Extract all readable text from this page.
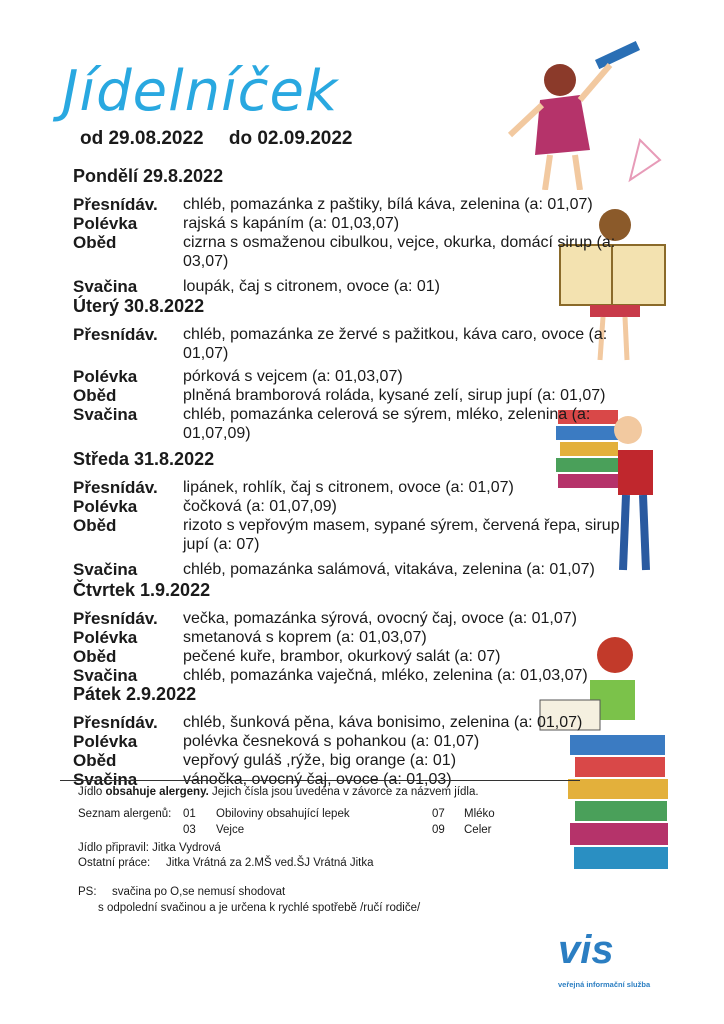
Jídelníček
od 29.08.2022 do 02.09.2022
Pondělí 29.8.2022
Přesnídáv.	chléb, pomazánka z paštiky, bílá káva, zelenina (a: 01,07)
Polévka	rajská s kapáním (a: 01,03,07)
Oběd	cizrna s osmaženou cibulkou, vejce, okurka, domácí sirup (a: 03,07)
Svačina	loupák, čaj s citronem, ovoce (a: 01)
Úterý 30.8.2022
Přesnídáv.	chléb, pomazánka ze žervé s pažitkou, káva caro, ovoce (a: 01,07)
Polévka	pórková s vejcem (a: 01,03,07)
Oběd	plněná bramborová roláda, kysané zelí, sirup jupí (a: 01,07)
Svačina	chléb, pomazánka celerová se sýrem, mléko, zelenina (a: 01,07,09)
Středa 31.8.2022
Přesnídáv.	lipánek, rohlík, čaj s citronem, ovoce (a: 01,07)
Polévka	čočková (a: 01,07,09)
Oběd	rizoto s vepřovým masem, sypané sýrem, červená řepa, sirup jupí (a: 07)
Svačina	chléb, pomazánka salámová, vitakáva, zelenina (a: 01,07)
Čtvrtek 1.9.2022
Přesnídáv.	večka, pomazánka sýrová, ovocný čaj, ovoce (a: 01,07)
Polévka	smetanová s koprem (a: 01,03,07)
Oběd	pečené kuře, brambor, okurkový salát (a: 07)
Svačina	chléb, pomazánka vaječná, mléko, zelenina (a: 01,03,07)
Pátek 2.9.2022
Přesnídáv.	chléb, šunková pěna, káva bonisimo, zelenina (a: 01,07)
Polévka	polévka česneková s pohankou (a: 01,07)
Oběd	vepřový guláš ,rýže, big orange (a: 01)
Svačina	vánočka, ovocný čaj, ovoce (a: 01,03)
Jídlo obsahuje alergeny. Jejich čísla jsou uvedena v závorce za názvem jídla.
Seznam alergenů: 01 Obiloviny obsahující lepek
03 Vejce
07 Mléko
09 Celer
Jídlo připravil: Jitka Vydrová
Ostatní práce: Jitka Vrátná za 2.MŠ ved.ŠJ Vrátná Jitka
PS: svačina po O,se nemusí shodovat
s odpolední svačinou a je určena k rychlé spotřebě /ručí rodiče/
vis
veřejná informační služba
